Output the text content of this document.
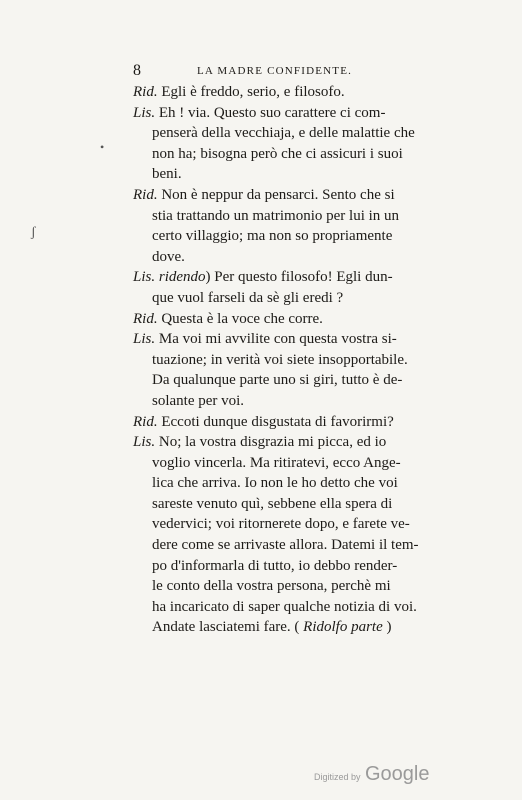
8	LA MADRE CONFIDENTE.
Rid. Egli è freddo, serio, e filosofo.
Lis. Eh ! via. Questo suo carattere ci com-
penserà della vecchiaja, e delle malattie che
non ha; bisogna però che ci assicuri i suoi
beni.
Rid. Non è neppur da pensarci. Sento che si
stia trattando un matrimonio per lui in un
certo villaggio; ma non so propriamente
dove.
Lis. ridendo) Per questo filosofo! Egli dun-
que vuol farseli da sè gli eredi ?
Rid. Questa è la voce che corre.
Lis. Ma voi mi avvilite con questa vostra si-
tuazione; in verità voi siete insopportabile.
Da qualunque parte uno si giri, tutto è de-
solante per voi.
Rid. Eccoti dunque disgustata di favorirmi?
Lis. No; la vostra disgrazia mi picca, ed io
voglio vincerla. Ma ritiratevi, ecco Ange-
lica che arriva. Io non le ho detto che voi
sareste venuto quì, sebbene ella spera di
vedervici; voi ritornerete dopo, e farete ve-
dere come se arrivaste allora. Datemi il tem-
po d'informarla di tutto, io debbo render-
le conto della vostra persona, perchè mi
ha incaricato di saper qualche notizia di voi.
Andate lasciatemi fare. ( Ridolfo parte )
•
ʃ
Digitized by Google
